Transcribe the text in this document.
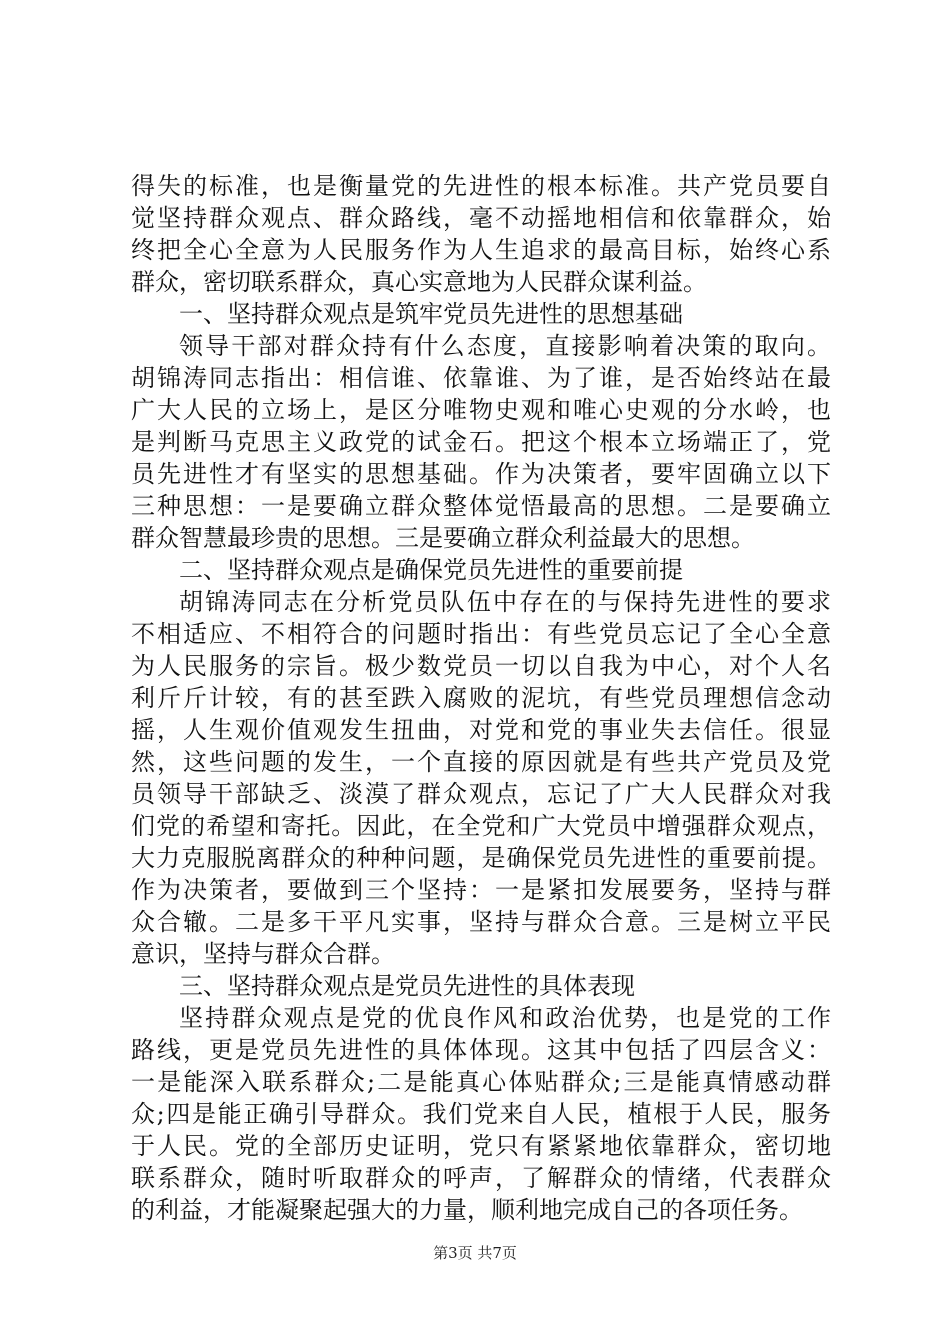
得失的标准，也是衡量党的先进性的根本标准。共产党员要自
觉坚持群众观点、群众路线，毫不动摇地相信和依靠群众，始
终把全心全意为人民服务作为人生追求的最高目标，始终心系
群众，密切联系群众，真心实意地为人民群众谋利益。
一、坚持群众观点是筑牢党员先进性的思想基础
领导干部对群众持有什么态度，直接影响着决策的取向。
胡锦涛同志指出：相信谁、依靠谁、为了谁，是否始终站在最
广大人民的立场上，是区分唯物史观和唯心史观的分水岭，也
是判断马克思主义政党的试金石。把这个根本立场端正了，党
员先进性才有坚实的思想基础。作为决策者，要牢固确立以下
三种思想：一是要确立群众整体觉悟最高的思想。二是要确立
群众智慧最珍贵的思想。三是要确立群众利益最大的思想。
二、坚持群众观点是确保党员先进性的重要前提
胡锦涛同志在分析党员队伍中存在的与保持先进性的要求
不相适应、不相符合的问题时指出：有些党员忘记了全心全意
为人民服务的宗旨。极少数党员一切以自我为中心，对个人名
利斤斤计较，有的甚至跌入腐败的泥坑，有些党员理想信念动
摇，人生观价值观发生扭曲，对党和党的事业失去信任。很显
然，这些问题的发生，一个直接的原因就是有些共产党员及党
员领导干部缺乏、淡漠了群众观点，忘记了广大人民群众对我
们党的希望和寄托。因此，在全党和广大党员中增强群众观点，
大力克服脱离群众的种种问题，是确保党员先进性的重要前提。
作为决策者，要做到三个坚持：一是紧扣发展要务，坚持与群
众合辙。二是多干平凡实事，坚持与群众合意。三是树立平民
意识，坚持与群众合群。
三、坚持群众观点是党员先进性的具体表现
坚持群众观点是党的优良作风和政治优势，也是党的工作
路线，更是党员先进性的具体体现。这其中包括了四层含义：
一是能深入联系群众;二是能真心体贴群众;三是能真情感动群
众;四是能正确引导群众。我们党来自人民，植根于人民，服务
于人民。党的全部历史证明，党只有紧紧地依靠群众，密切地
联系群众，随时听取群众的呼声，了解群众的情绪，代表群众
的利益，才能凝聚起强大的力量，顺利地完成自己的各项任务。
第3页 共7页
